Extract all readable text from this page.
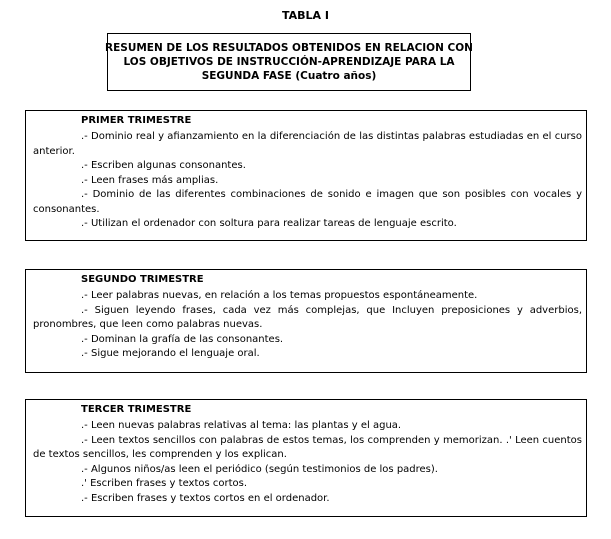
TABLA I
RESUMEN DE LOS RESULTADOS OBTENIDOS EN RELACION CON
LOS OBJETIVOS DE INSTRUCCIÓN-APRENDIZAJE PARA LA
SEGUNDA FASE (Cuatro años)
PRIMER TRIMESTRE
.- Dominio real y afianzamiento en la diferenciación de las distintas palabras estudiadas en el curso anterior.
.- Escriben algunas consonantes.
.- Leen frases más amplias.
.- Dominio de las diferentes combinaciones de sonido e imagen que son posibles con vocales y consonantes.
.- Utilizan el ordenador con soltura para realizar tareas de lenguaje escrito.
SEGUNDO TRIMESTRE
.- Leer palabras nuevas, en relación a los temas propuestos espontáneamente.
.- Siguen leyendo frases, cada vez más complejas, que Incluyen preposiciones y adverbios, pronombres, que leen como palabras nuevas.
.- Dominan la grafía de las consonantes.
.- Sigue mejorando el lenguaje oral.
TERCER TRIMESTRE
.- Leen nuevas palabras relativas al tema: las plantas y el agua.
.- Leen textos sencillos con palabras de estos temas, los comprenden y memorizan. .' Leen cuentos de textos sencillos, les comprenden y los explican.
.- Algunos niños/as leen el periódico (según testimonios de los padres).
.' Escriben frases y textos cortos.
.- Escriben frases y textos cortos en el ordenador.
